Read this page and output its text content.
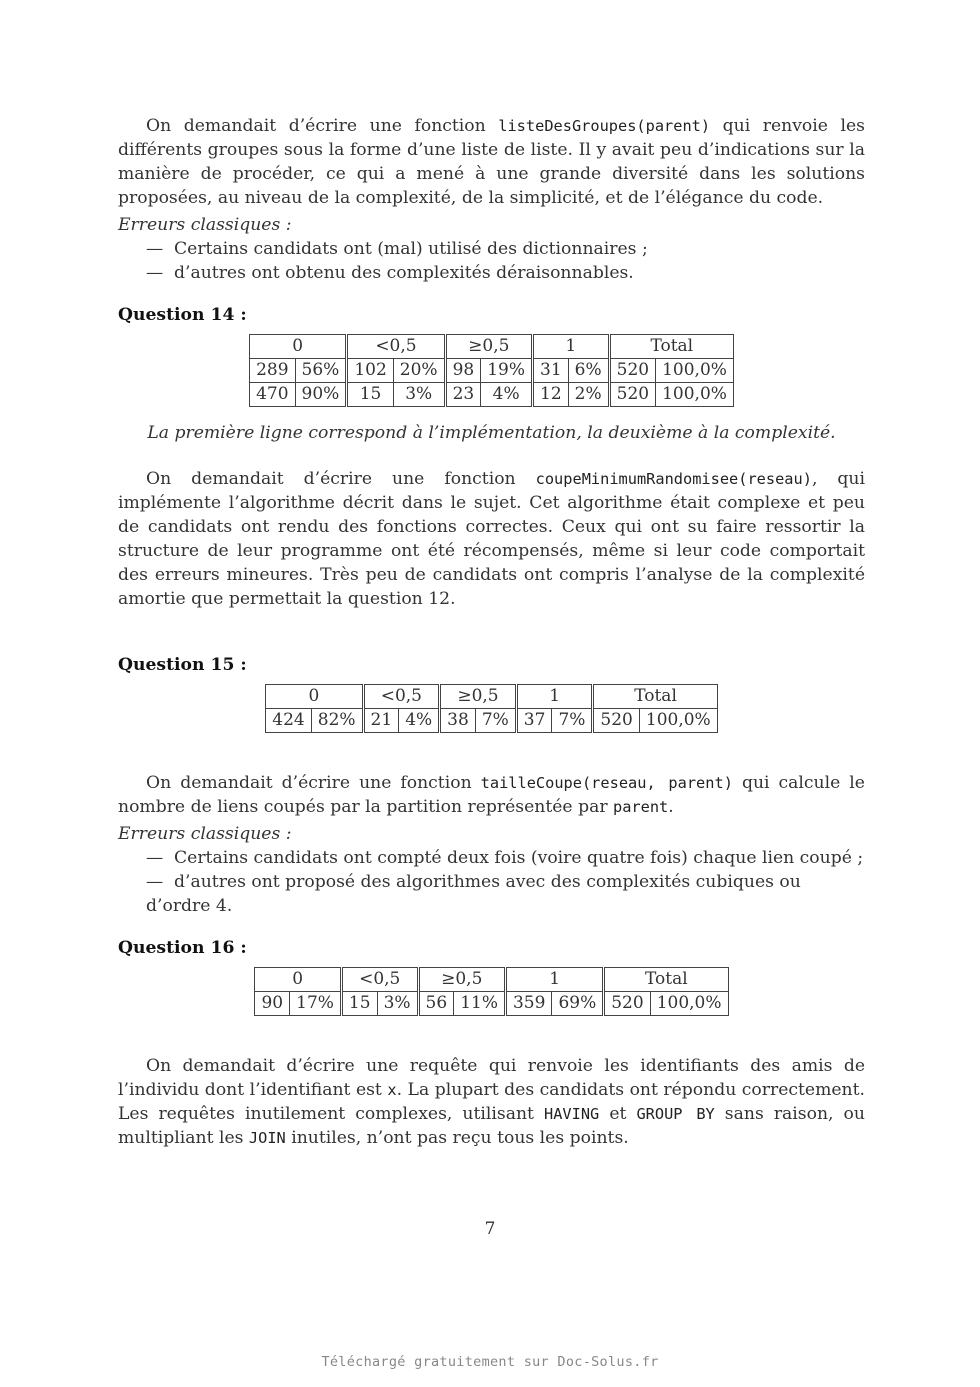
On demandait d’écrire une fonction listeDesGroupes(parent) qui renvoie les différents groupes sous la forme d’une liste de liste. Il y avait peu d’indications sur la manière de procéder, ce qui a mené à une grande diversité dans les solutions proposées, au niveau de la complexité, de la simplicité, et de l’élégance du code.

Erreurs classiques :
— Certains candidats ont (mal) utilisé des dictionnaires ;
— d’autres ont obtenu des complexités déraisonnables.
Question 14 :
0		<0,5		≥0,5		1		Total	
289	56%	102	20%	98	19%	31	6%	520	100,0%
470	90%	15	3%	23	4%	12	2%	520	100,0%
La première ligne correspond à l’implémentation, la deuxième à la complexité.

On demandait d’écrire une fonction coupeMinimumRandomisee(reseau), qui implémente l’algorithme décrit dans le sujet. Cet algorithme était complexe et peu de candidats ont rendu des fonctions correctes. Ceux qui ont su faire ressortir la structure de leur programme ont été récompensés, même si leur code comportait des erreurs mineures. Très peu de candidats ont compris l’analyse de la complexité amortie que permettait la question 12.

Question 15 :
0		<0,5		≥0,5		1		Total	
424	82%	21	4%	38	7%	37	7%	520	100,0%

On demandait d’écrire une fonction tailleCoupe(reseau, parent) qui calcule le nombre de liens coupés par la partition représentée par parent.

Erreurs classiques :
— Certains candidats ont compté deux fois (voire quatre fois) chaque lien coupé ;
— d’autres ont proposé des algorithmes avec des complexités cubiques ou d’ordre 4.
Question 16 :
0		<0,5		≥0,5		1		Total	
90	17%	15	3%	56	11%	359	69%	520	100,0%

On demandait d’écrire une requête qui renvoie les identifiants des amis de l’individu dont l’identifiant est x. La plupart des candidats ont répondu correctement. Les requêtes inutilement complexes, utilisant HAVING et GROUP BY sans raison, ou multipliant les JOIN inutiles, n’ont pas reçu tous les points.

7
Téléchargé gratuitement sur Doc-Solus.fr
